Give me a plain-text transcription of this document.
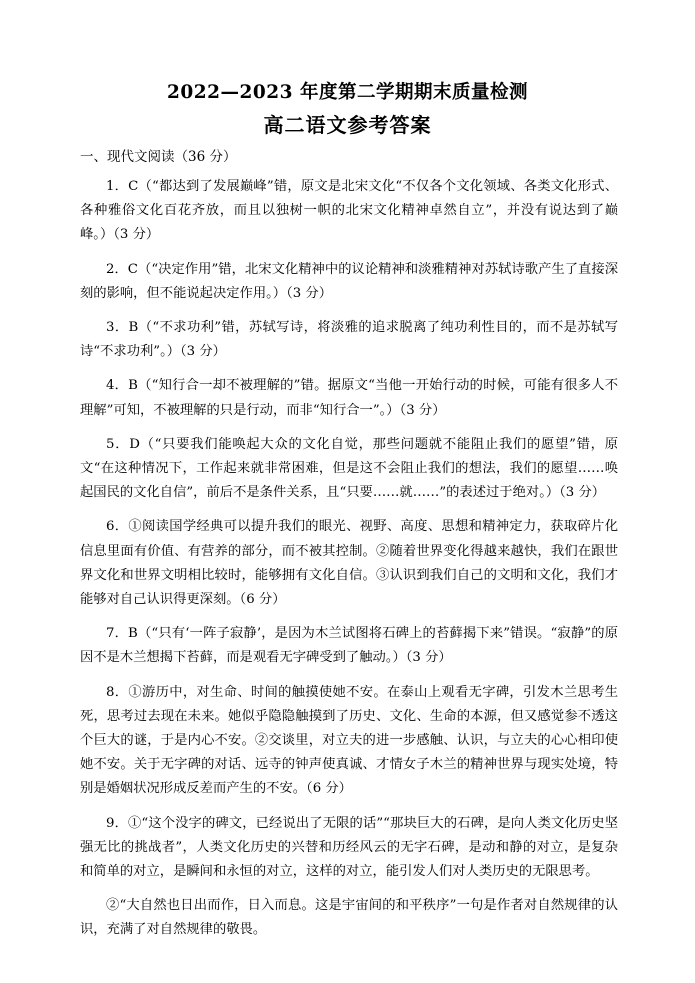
2022—2023 年度第二学期期末质量检测
高二语文参考答案
一、现代文阅读（36 分）

1．C（“都达到了发展巅峰”错，原文是北宋文化“不仅各个文化领域、各类文化形式、各种雅俗文化百花齐放，而且以独树一帜的北宋文化精神卓然自立”，并没有说达到了巅峰。）（3 分）

2．C（“决定作用”错，北宋文化精神中的议论精神和淡雅精神对苏轼诗歌产生了直接深刻的影响，但不能说起决定作用。）（3 分）

3．B（“不求功利”错，苏轼写诗，将淡雅的追求脱离了纯功利性目的，而不是苏轼写诗“不求功利”。）（3 分）

4．B（“知行合一却不被理解的”错。据原文“当他一开始行动的时候，可能有很多人不理解”可知，不被理解的只是行动，而非“知行合一”。）（3 分）

5．D（“只要我们能唤起大众的文化自觉，那些问题就不能阻止我们的愿望”错，原文“在这种情况下，工作起来就非常困难，但是这不会阻止我们的想法，我们的愿望……唤起国民的文化自信”，前后不是条件关系，且“只要……就……”的表述过于绝对。）（3 分）

6．①阅读国学经典可以提升我们的眼光、视野、高度、思想和精神定力，获取碎片化信息里面有价值、有营养的部分，而不被其控制。②随着世界变化得越来越快，我们在跟世界文化和世界文明相比较时，能够拥有文化自信。③认识到我们自己的文明和文化，我们才能够对自己认识得更深刻。（6 分）

7．B（“只有‘一阵子寂静’，是因为木兰试图将石碑上的苔藓揭下来”错误。“寂静”的原因不是木兰想揭下苔藓，而是观看无字碑受到了触动。）（3 分）

8．①游历中，对生命、时间的触摸使她不安。在泰山上观看无字碑，引发木兰思考生死，思考过去现在未来。她似乎隐隐触摸到了历史、文化、生命的本源，但又感觉参不透这个巨大的谜，于是内心不安。②交谈里，对立夫的进一步感触、认识，与立夫的心心相印使她不安。关于无字碑的对话、远寺的钟声使真诚、才情女子木兰的精神世界与现实处境，特别是婚姻状况形成反差而产生的不安。（6 分）

9．①“这个没字的碑文，已经说出了无限的话”“那块巨大的石碑，是向人类文化历史坚强无比的挑战者”，人类文化历史的兴替和历经风云的无字石碑，是动和静的对立，是复杂和简单的对立，是瞬间和永恒的对立，这样的对立，能引发人们对人类历史的无限思考。

②“大自然也日出而作，日入而息。这是宇宙间的和平秩序”一句是作者对自然规律的认识，充满了对自然规律的敬畏。
